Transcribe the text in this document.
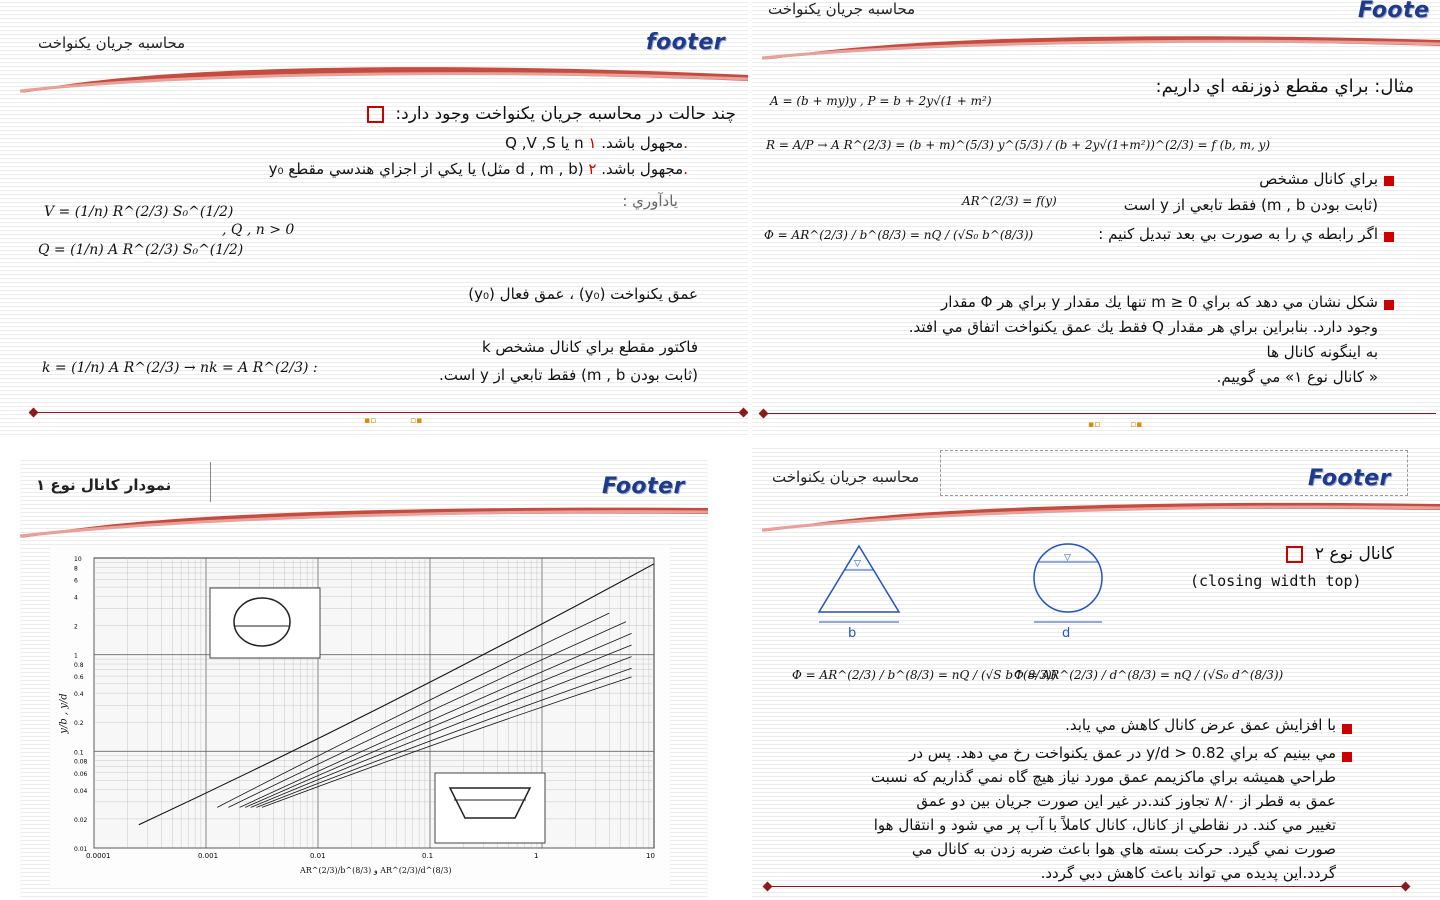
محاسبه جريان يكنواخت	footer
چند حالت در محاسبه جريان يكنواخت وجود دارد:
Q ,V ,S يا n مجهول باشد. ١.
y₀ يا يكي از اجزاي هندسي مقطع (مثل d , m , b) مجهول باشد. ٢.
يادآوري :
V = (1/n) R^(2/3) S₀^(1/2)
Q = (1/n) A R^(2/3) S₀^(1/2)
, Q , n > 0
عمق يكنواخت (y₀) ، عمق فعال (y₀)
k فاكتور مقطع براي كانال مشخص
k = (1/n) A R^(2/3) → nk = A R^(2/3) :	(ثابت بودن m , b) فقط تابعي از y است.
▪▫	▫▪
محاسبه جريان يكنواخت	Foote
مثال: براي مقطع ذوزنقه اي داريم:
A = (b + my)y , P = b + 2y√(1 + m²)
R = A/P → A R^(2/3) = (b + m)^(5/3) y^(5/3) / (b + 2y√(1+m²))^(2/3) = f (b, m, y)
براي كانال مشخص
(ثابت بودن m , b) فقط تابعي از y است
AR^(2/3) = f(y)
اگر رابطه ي را به صورت بي بعد تبديل كنيم :
Φ = AR^(2/3) / b^(8/3) = nQ / (√S₀ b^(8/3))
شكل نشان مي دهد كه براي m ≥ 0 تنها يك مقدار y براي هر Φ مقدار
وجود دارد. بنابراين براي هر مقدار Q فقط يك عمق يكنواخت اتفاق مي افتد.
به اينگونه كانال ها
« كانال نوع ١» مي گوييم.
▪▫	▫▪
نمودار كانال نوع ١	Footer
0.0001	0.001	0.01	0.1	1	10
0.01
0.02
0.04
0.06
0.08
0.1
0.2
0.4
0.6
0.8
1
2
4
6
8
10
y/b , y/d
AR^(2/3)/b^(8/3) و AR^(2/3)/d^(8/3)
محاسبه جريان يكنواخت	Footer
كانال نوع ٢
(closing width top)
▽
b
▽
d
Φ = AR^(2/3) / b^(8/3) = nQ / (√S b^(8/3))
Φ = AR^(2/3) / d^(8/3) = nQ / (√S₀ d^(8/3))
با افزايش عمق عرض كانال كاهش مي يابد.
مي بينيم كه براي 0.82 < y/d در عمق يكنواخت رخ مي دهد. پس در
طراحي هميشه براي ماكزيمم عمق مورد نياز هيچ گاه نمي گذاريم كه نسبت
عمق به قطر از ٨/٠ تجاوز كند.در غير اين صورت جريان بين دو عمق
تغيير مي كند. در نقاطي از كانال، كانال كاملاً با آب پر مي شود و انتقال هوا
صورت نمي گيرد. حركت بسته هاي هوا باعث ضربه زدن به كانال مي
گردد.اين پديده مي تواند باعث كاهش دبي گردد.
